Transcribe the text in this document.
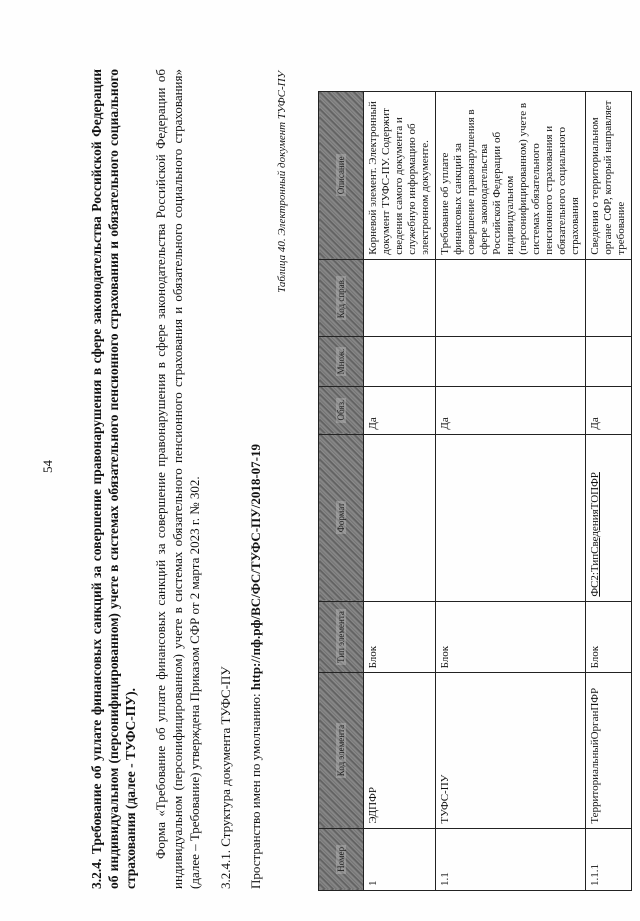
54	3.2.4. Требование об уплате финансовых санкций за совершение правонарушения в сфере законодательства Российской Федерации об индивидуальном (персонифицированном) учете в системах обязательного пенсионного страхования и обязательного социального страхования (далее - ТУФС-ПУ). Форма «Требование об уплате финансовых санкций за совершение правонарушения в сфере законодательства Российской Федерации об индивидуальном (персонифицированном) учете в системах обязательного пенсионного страхования и обязательного социального страхования» (далее – Требование) утверждена Приказом СФР от 2 марта 2023 г. № 302. 3.2.4.1. Структура документа ТУФС-ПУ Пространство имен по умолчанию: http://пф.рф/ВС/ФС/ТУФС-ПУ/2018-07-19
Таблица 40. Электронный документ ТУФС-ПУ
Номер	Код элемента	Тип элемента	Формат	Обяз.	Множ.	Код справ.	Описание
1	ЭДПФР	Блок		Да			Корневой элемент. Электронный документ ТУФС-ПУ. Содержит сведения самого документа и служебную информацию об электронном документе.
1.1	ТУФС-ПУ	Блок		Да			Требование об уплате финансовых санкций за совершение правонарушения в сфере законодательства Российской Федерации об индивидуальном (персонифицированном) учете в системах обязательного пенсионного страхования и обязательного социального страхования
1.1.1	ТерриториальныйОрганПФР	Блок	ФС2:ТипСведенияТОПФР	Да			Сведения о территориальном органе СФР, который направляет требование
